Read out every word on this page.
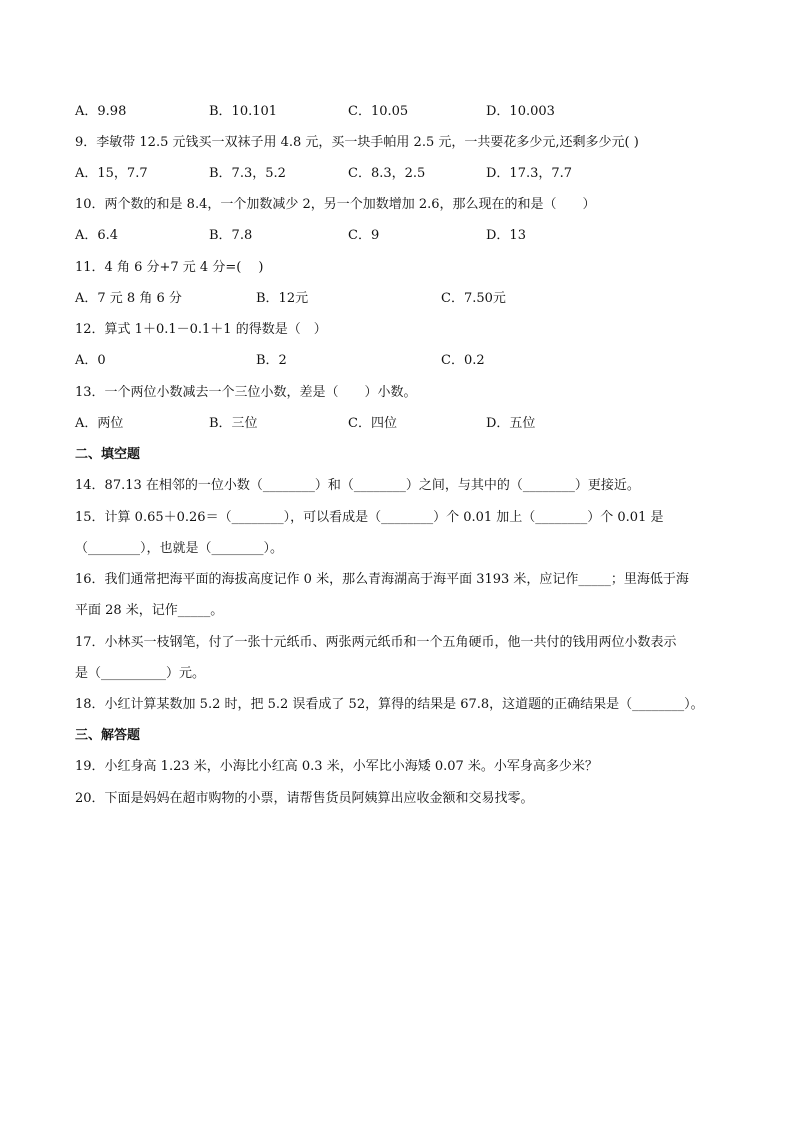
A．9.98	B．10.101	C．10.05	D．10.003
9．李敏带 12.5 元钱买一双袜子用 4.8 元，买一块手帕用 2.5 元，一共要花多少元,还剩多少元( )
A．15，7.7	B．7.3，5.2	C．8.3，2.5	D．17.3，7.7
10．两个数的和是 8.4，一个加数减少 2，另一个加数增加 2.6，那么现在的和是（　　）
A．6.4	B．7.8	C．9	D．13
11．4 角 6 分+7 元 4 分=(　 )
A．7 元 8 角 6 分	B．12元	C．7.50元
12．算式 1＋0.1－0.1＋1 的得数是（　）
A．0	B．2	C．0.2
13．一个两位小数减去一个三位小数，差是（　　）小数。
A．两位	B．三位	C．四位	D．五位
二、填空题
14．87.13 在相邻的一位小数（________）和（________）之间，与其中的（________）更接近。
15．计算 0.65＋0.26＝（________），可以看成是（________）个 0.01 加上（________）个 0.01 是
（________），也就是（________）。
16．我们通常把海平面的海拔高度记作 0 米，那么青海湖高于海平面 3193 米，应记作_____；里海低于海
平面 28 米，记作_____。
17．小林买一枝钢笔，付了一张十元纸币、两张两元纸币和一个五角硬币，他一共付的钱用两位小数表示
是（__________）元。
18．小红计算某数加 5.2 时，把 5.2 误看成了 52，算得的结果是 67.8，这道题的正确结果是（________）。
三、解答题
19．小红身高 1.23 米，小海比小红高 0.3 米，小军比小海矮 0.07 米。小军身高多少米？
20．下面是妈妈在超市购物的小票，请帮售货员阿姨算出应收金额和交易找零。
